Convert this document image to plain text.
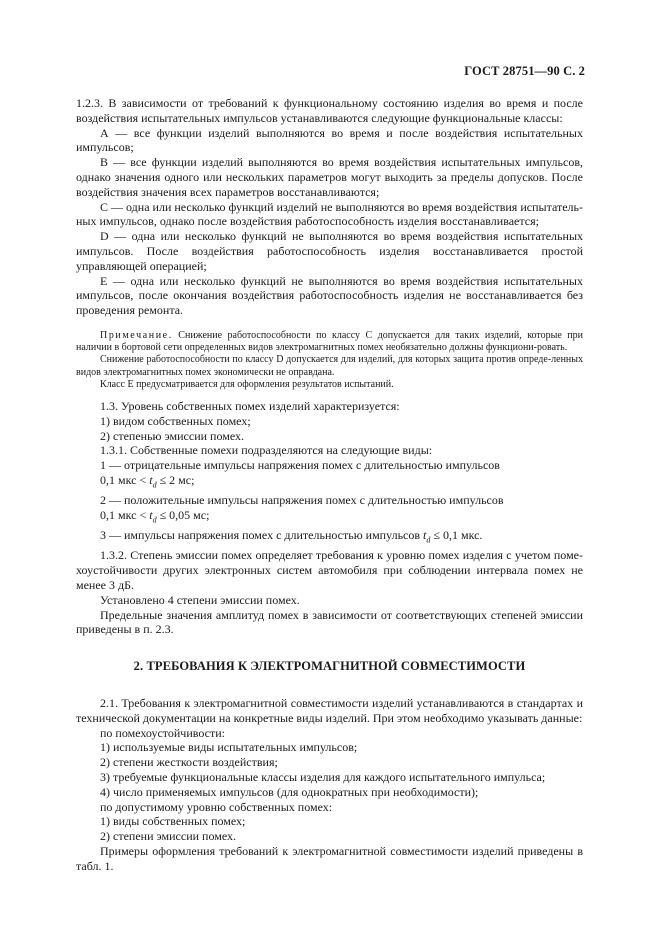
ГОСТ 28751—90 С. 2

1.2.3. В зависимости от требований к функциональному состоянию изделия во время и после воздействия испытательных импульсов устанавливаются следующие функциональные классы:

А — все функции изделий выполняются во время и после воздействия испытательных импульсов;

В — все функции изделий выполняются во время воздействия испытательных импульсов, однако значения одного или нескольких параметров могут выходить за пределы допусков. После воздействия значения всех параметров восстанавливаются;

С — одна или несколько функций изделий не выполняются во время воздействия испытатель-ных импульсов, однако после воздействия работоспособность изделия восстанавливается;

D — одна или несколько функций не выполняются во время воздействия испытательных импульсов. После воздействия работоспособность изделия восстанавливается простой управляющей операцией;

Е — одна или несколько функций не выполняются во время воздействия испытательных импульсов, после окончания воздействия работоспособность изделия не восстанавливается без проведения ремонта.

Примечание. Снижение работоспособности по классу С допускается для таких изделий, которые при наличии в бортовой сети определенных видов электромагнитных помех необязательно должны функциони-ровать.

Снижение работоспособности по классу D допускается для изделий, для которых защита против опреде-ленных видов электромагнитных помех экономически не оправдана.

Класс Е предусматривается для оформления результатов испытаний.

1.3. Уровень собственных помех изделий характеризуется:

1) видом собственных помех;

2) степенью эмиссии помех.

1.3.1. Собственные помехи подразделяются на следующие виды:

1 — отрицательные импульсы напряжения помех с длительностью импульсов

0,1 мкс < $t_d \le 2$ мс;

2 — положительные импульсы напряжения помех с длительностью импульсов

0,1 мкс < $t_d \le 0,05$ мс;

3 — импульсы напряжения помех с длительностью импульсов $t_d \le 0,1$ мкс.

1.3.2. Степень эмиссии помех определяет требования к уровню помех изделия с учетом поме-хоустойчивости других электронных систем автомобиля при соблюдении интервала помех не менее 3 дБ.

Установлено 4 степени эмиссии помех.

Предельные значения амплитуд помех в зависимости от соответствующих степеней эмиссии приведены в п. 2.3.

2. ТРЕБОВАНИЯ К ЭЛЕКТРОМАГНИТНОЙ СОВМЕСТИМОСТИ

2.1. Требования к электромагнитной совместимости изделий устанавливаются в стандартах и технической документации на конкретные виды изделий. При этом необходимо указывать данные:

по помехоустойчивости:

1) используемые виды испытательных импульсов;

2) степени жесткости воздействия;

3) требуемые функциональные классы изделия для каждого испытательного импульса;

4) число применяемых импульсов (для однократных при необходимости);

по допустимому уровню собственных помех:

1) виды собственных помех;

2) степени эмиссии помех.

Примеры оформления требований к электромагнитной совместимости изделий приведены в табл. 1.
